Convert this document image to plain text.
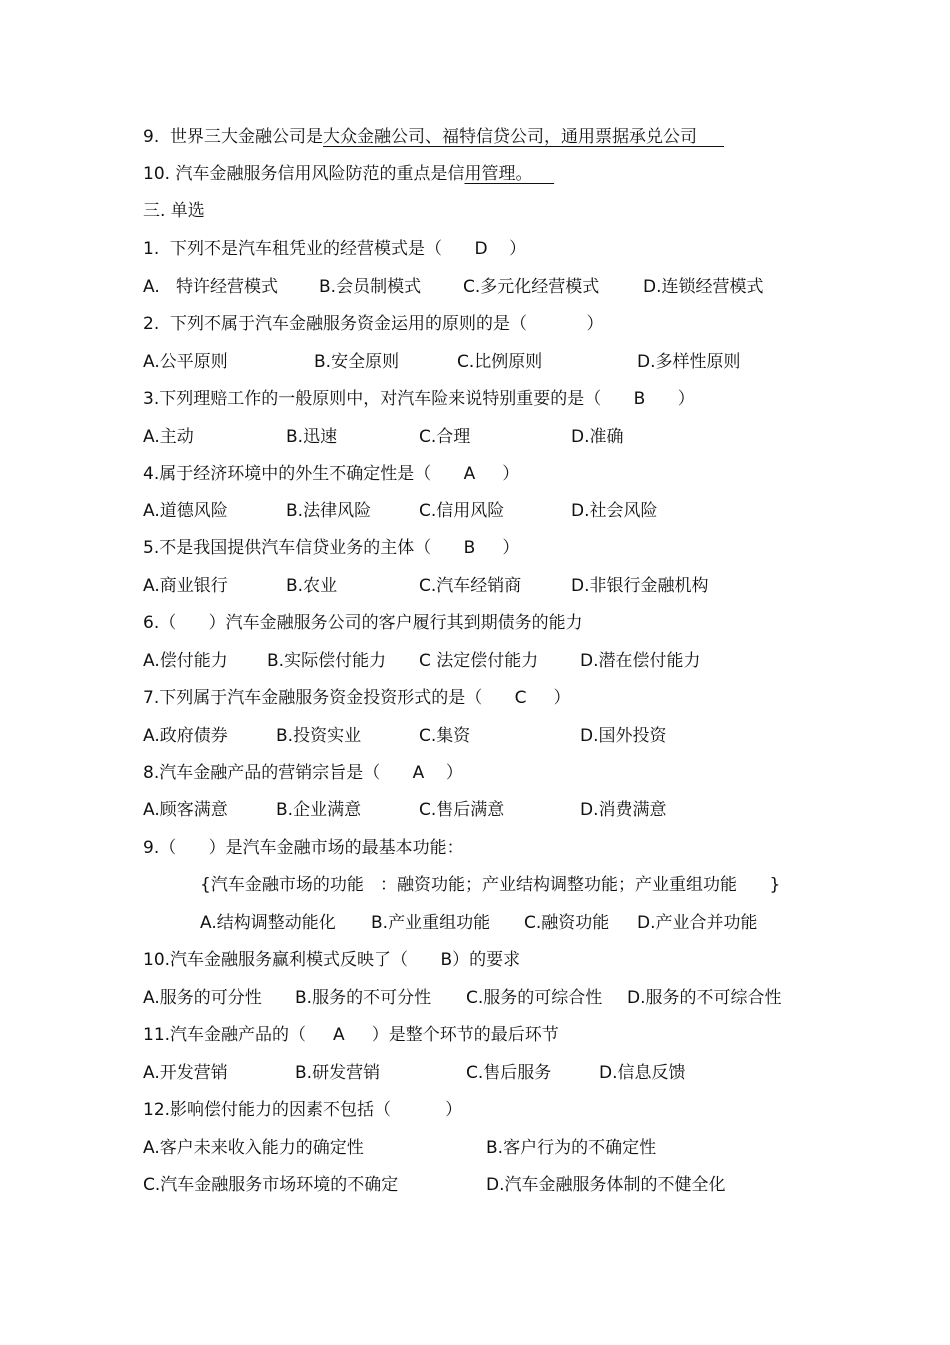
9.  世界三大金融公司是大众金融公司、福特信贷公司，通用票据承兑公司
10. 汽车金融服务信用风险防范的重点是信用管理。
三. 单选
1.  下列不是汽车租凭业的经营模式是（      D    ）
A.   特许经营模式 B.会员制模式 C.多元化经营模式	D.连锁经营模式
2.  下列不属于汽车金融服务资金运用的原则的是（           ）
A.公平原则	B.安全原则	C.比例原则	D.多样性原则
3.下列理赔工作的一般原则中，对汽车险来说特别重要的是（      B      ）
A.主动	B.迅速	C.合理	D.准确
4.属于经济环境中的外生不确定性是（      A     ）
A.道德风险	B.法律风险	C.信用风险	D.社会风险
5.不是我国提供汽车信贷业务的主体（      B     ）
A.商业银行	B.农业	C.汽车经销商	D.非银行金融机构
6.（      ）汽车金融服务公司的客户履行其到期债务的能力
A.偿付能力 B.实际偿付能力 C 法定偿付能力 D.潜在偿付能力
7.下列属于汽车金融服务资金投资形式的是（      C     ）
A.政府债券	B.投资实业	C.集资	D.国外投资
8.汽车金融产品的营销宗旨是（      A    ）
A.顾客满意	B.企业满意	C.售后满意	D.消费满意
9.（      ）是汽车金融市场的最基本功能：
{汽车金融市场的功能   ：融资功能；产业结构调整功能；产业重组功能      }
A.结构调整动能化 B.产业重组功能 C.融资功能 D.产业合并功能
10.汽车金融服务赢利模式反映了（      B）的要求
A.服务的可分性 B.服务的不可分性 C.服务的可综合性 D.服务的不可综合性
11.汽车金融产品的（     A     ）是整个环节的最后环节
A.开发营销	B.研发营销	C.售后服务	D.信息反馈
12.影响偿付能力的因素不包括（          ）
A.客户未来收入能力的确定性	B.客户行为的不确定性
C.汽车金融服务市场环境的不确定	D.汽车金融服务体制的不健全化
